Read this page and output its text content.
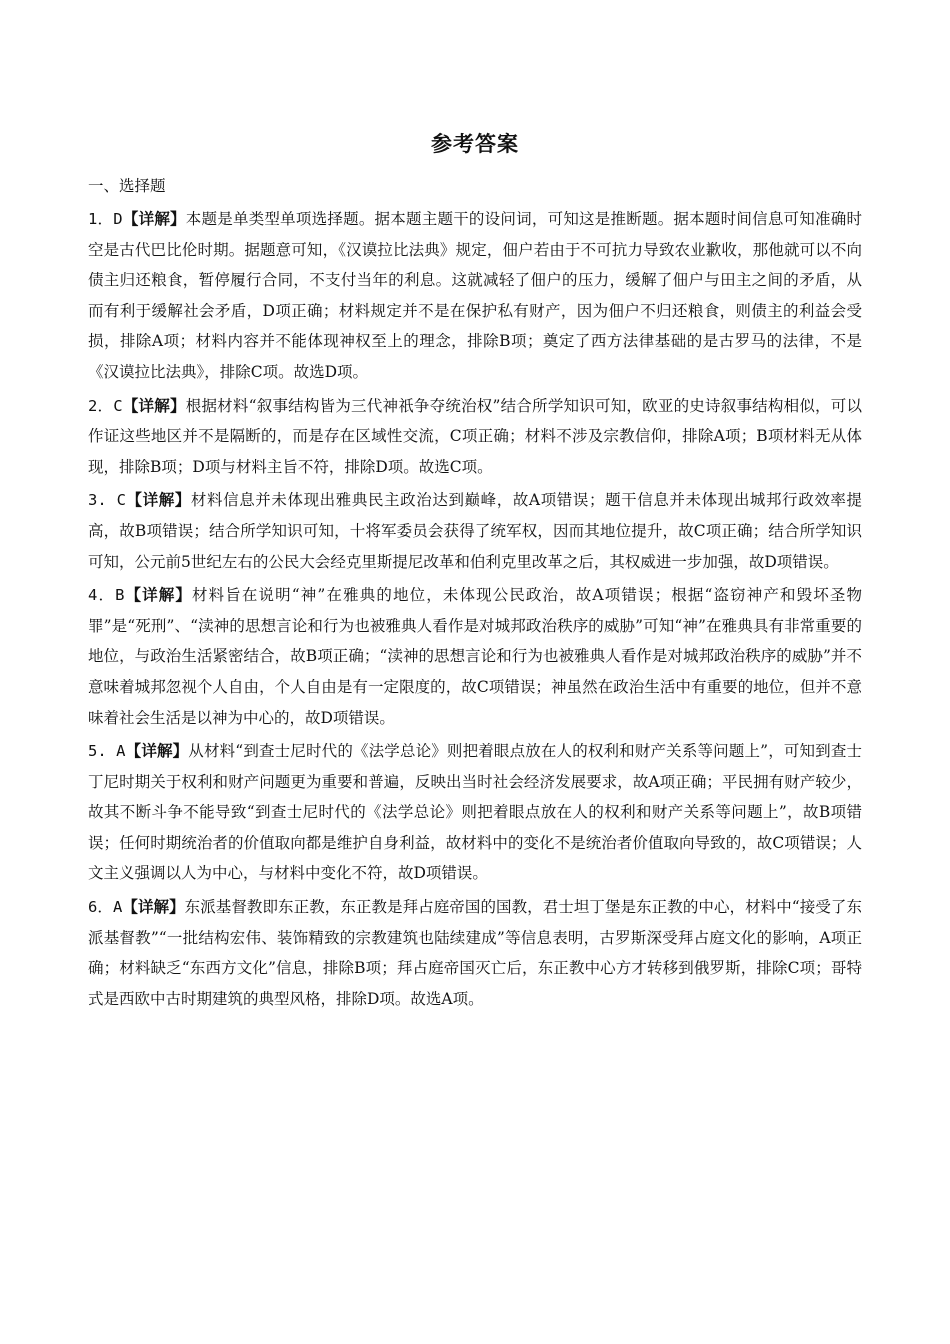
参考答案

一、选择题

1．D【详解】本题是单类型单项选择题。据本题主题干的设问词，可知这是推断题。据本题时间信息可知准确时空是古代巴比伦时期。据题意可知，《汉谟拉比法典》规定，佃户若由于不可抗力导致农业歉收，那他就可以不向债主归还粮食，暂停履行合同，不支付当年的利息。这就减轻了佃户的压力，缓解了佃户与田主之间的矛盾，从而有利于缓解社会矛盾，D项正确；材料规定并不是在保护私有财产，因为佃户不归还粮食，则债主的利益会受损，排除A项；材料内容并不能体现神权至上的理念，排除B项；奠定了西方法律基础的是古罗马的法律，不是《汉谟拉比法典》，排除C项。故选D项。

2．C【详解】根据材料“叙事结构皆为三代神祇争夺统治权”结合所学知识可知，欧亚的史诗叙事结构相似，可以作证这些地区并不是隔断的，而是存在区域性交流，C项正确；材料不涉及宗教信仰，排除A项；B项材料无从体现，排除B项；D项与材料主旨不符，排除D项。故选C项。

3. C【详解】材料信息并未体现出雅典民主政治达到巅峰，故A项错误；题干信息并未体现出城邦行政效率提高，故B项错误；结合所学知识可知，十将军委员会获得了统军权，因而其地位提升，故C项正确；结合所学知识可知，公元前5世纪左右的公民大会经克里斯提尼改革和伯利克里改革之后，其权威进一步加强，故D项错误。

4．B【详解】材料旨在说明“神”在雅典的地位，未体现公民政治，故A项错误；根据“盗窃神产和毁坏圣物罪”是“死刑”、“渎神的思想言论和行为也被雅典人看作是对城邦政治秩序的威胁”可知“神”在雅典具有非常重要的地位，与政治生活紧密结合，故B项正确；“渎神的思想言论和行为也被雅典人看作是对城邦政治秩序的威胁”并不意味着城邦忽视个人自由，个人自由是有一定限度的，故C项错误；神虽然在政治生活中有重要的地位，但并不意味着社会生活是以神为中心的，故D项错误。

5. A【详解】从材料“到查士尼时代的《法学总论》则把着眼点放在人的权利和财产关系等问题上”，可知到查士丁尼时期关于权利和财产问题更为重要和普遍，反映出当时社会经济发展要求，故A项正确；平民拥有财产较少，故其不断斗争不能导致“到查士尼时代的《法学总论》则把着眼点放在人的权利和财产关系等问题上”，故B项错误；任何时期统治者的价值取向都是维护自身利益，故材料中的变化不是统治者价值取向导致的，故C项错误；人文主义强调以人为中心，与材料中变化不符，故D项错误。

6．A【详解】东派基督教即东正教，东正教是拜占庭帝国的国教，君士坦丁堡是东正教的中心，材料中“接受了东派基督教”“一批结构宏伟、装饰精致的宗教建筑也陆续建成”等信息表明，古罗斯深受拜占庭文化的影响，A项正确；材料缺乏“东西方文化”信息，排除B项；拜占庭帝国灭亡后，东正教中心方才转移到俄罗斯，排除C项；哥特式是西欧中古时期建筑的典型风格，排除D项。故选A项。
